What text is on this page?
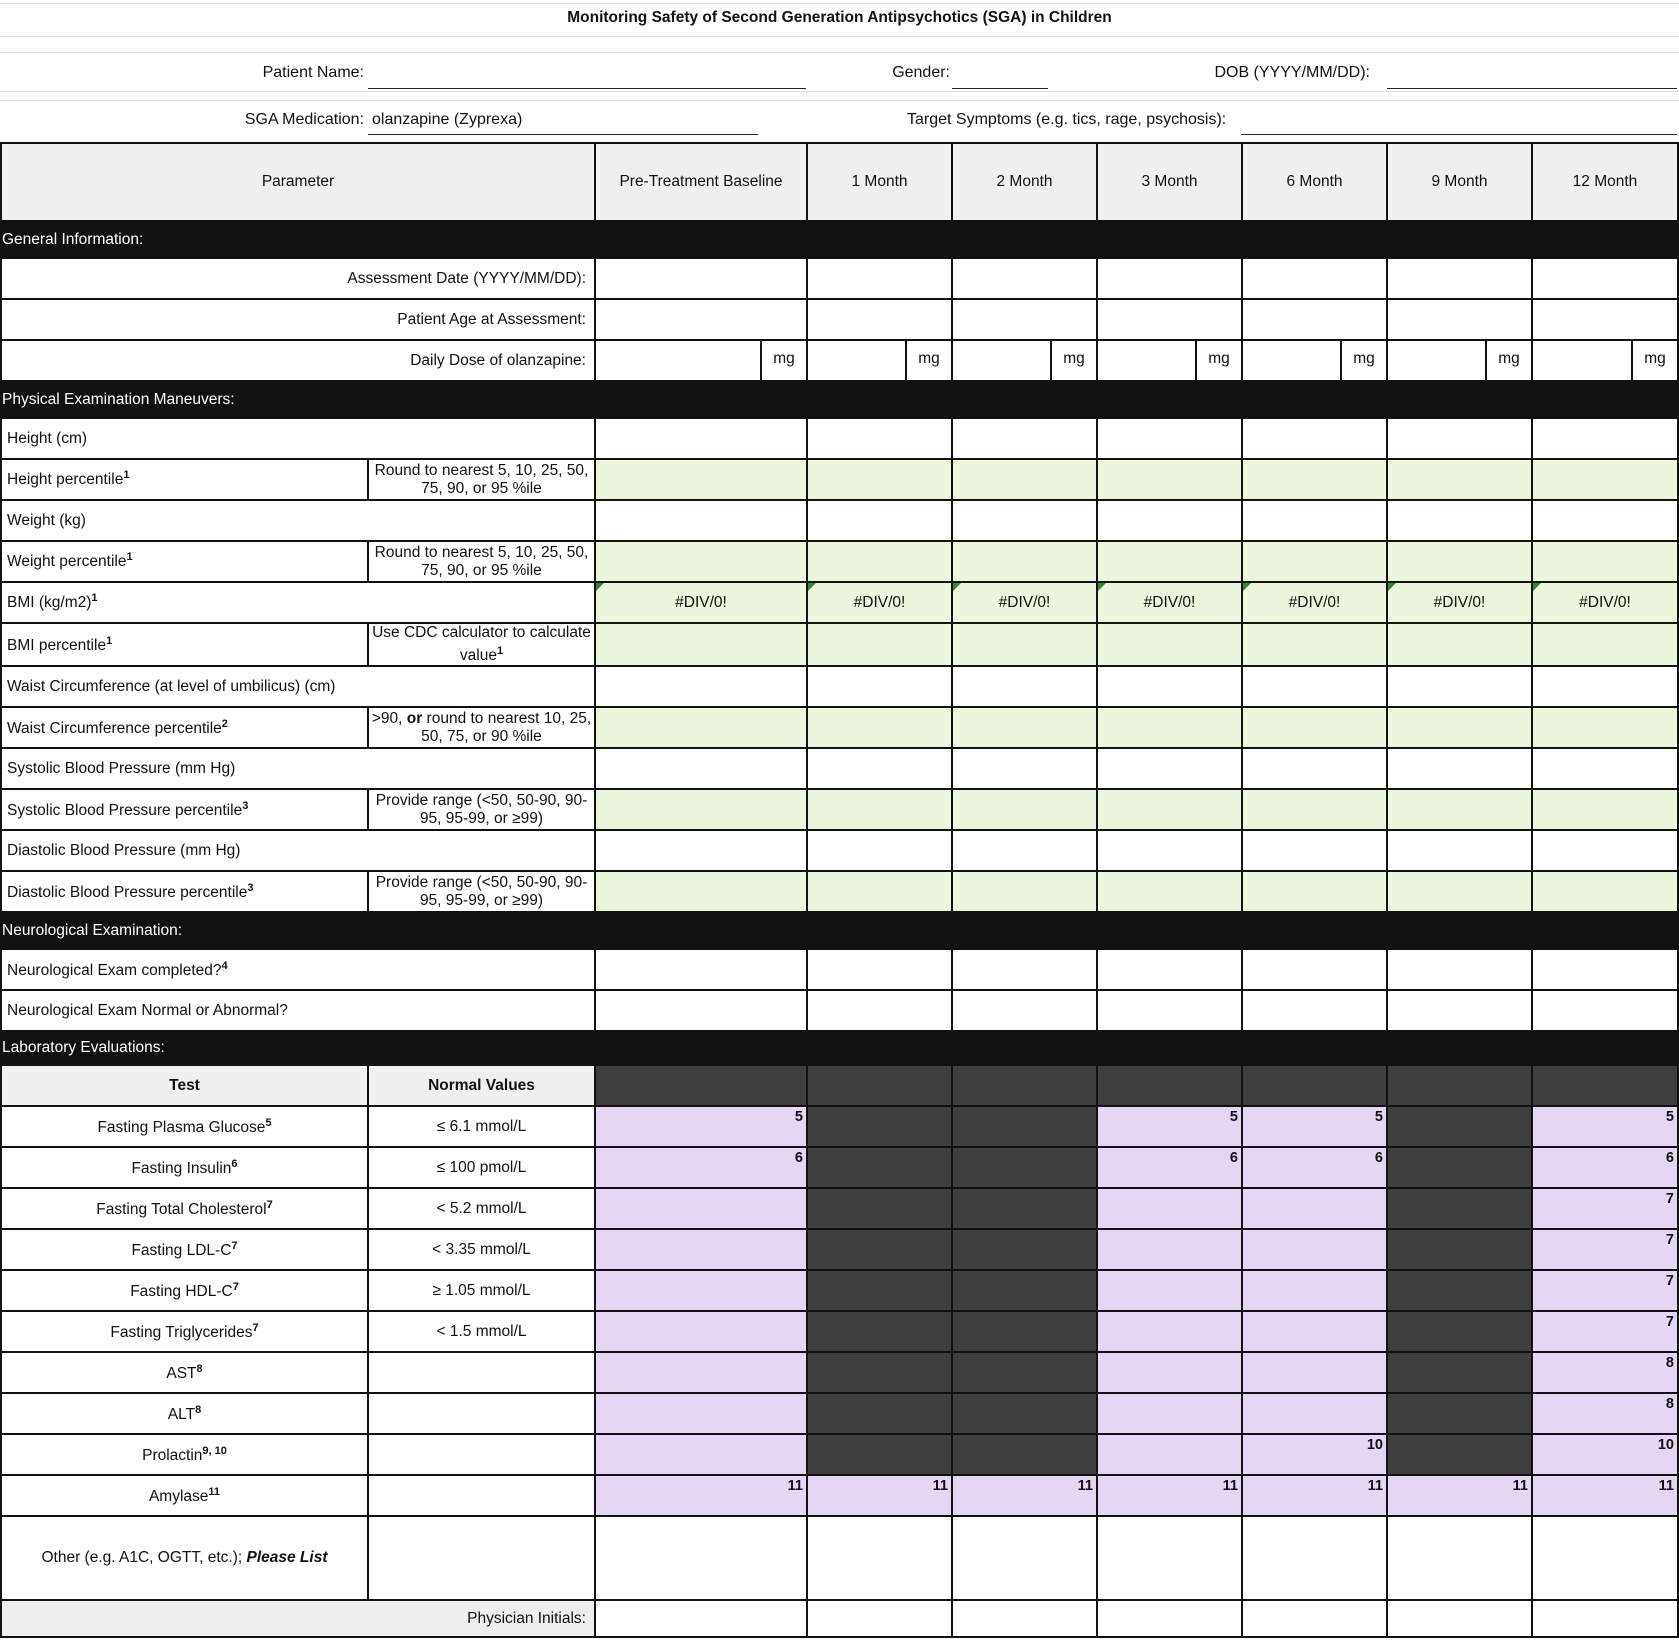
Monitoring Safety of Second Generation Antipsychotics (SGA) in Children
Patient Name:	Gender:	DOB (YYYY/MM/DD):
SGA Medication: olanzapine (Zyprexa)	Target Symptoms (e.g. tics, rage, psychosis):
Parameter		Pre-Treatment Baseline	1 Month	2 Month	3 Month	6 Month	9 Month	12 Month
General Information:								
Assessment Date (YYYY/MM/DD):								
Patient Age at Assessment:								
Daily Dose of olanzapine:		mg	mg	mg	mg	mg	mg	mg

Physical Examination Maneuvers:								
Height (cm)								
Height percentile$^1$	Round to nearest 5, 10, 25, 50, 75, 90, or 95 %ile							
Weight (kg)								
Weight percentile$^1$	Round to nearest 5, 10, 25, 50, 75, 90, or 95 %ile							
BMI $(kg/m2)^1$		#DIV/0!	#DIV/0!	#DIV/0!	#DIV/0!	#DIV/0!	#DIV/0!	#DIV/0!
BMI percentile$^1$	Use CDC calculator to calculate value$^1$							
Waist Circumference (at level of umbilicus) (cm)								
Waist Circumference percentile$^2$	>90, or round to nearest 10, 25, 50, 75, or 90 %ile							
Systolic Blood Pressure (mm Hg)								
Systolic Blood Pressure percentile$^3$	Provide range (<50, 50-90, 90-95, 95-99, or ≥99)							
Diastolic Blood Pressure (mm Hg)								
Diastolic Blood Pressure percentile$^3$	Provide range (<50, 50-90, 90-95, 95-99, or ≥99)							
Neurological Examination:								
Neurological Exam completed?$^4$							
Neurological Exam Normal or Abnormal?								
Laboratory Evaluations:								
Test	Normal Values							
Fasting Plasma Glucose$^5$	≤ 6.1 mmol/L	5			5	5		5

Fasting Insulin$^6$	≤ 100 pmol/L	6			6	6		6

Fasting Total Cholesterol$^7$	< 5.2 mmol/L							7

Fasting LDL-$C^7$	< 3.35 mmol/L							7

Fasting HDL-$C^7$	≥ 1.05 mmol/L							7

Fasting Triglycerides$^7$	< 1.5 mmol/L							7

AST$^8$								8

ALT$^8$								8

Prolactin$^{9, 10}$						10		10

Amylase$^{11}$		11	11	11	11	11	11	11

Other (e.g. A1C, OGTT, etc.); Please List								
Physician Initials:								
